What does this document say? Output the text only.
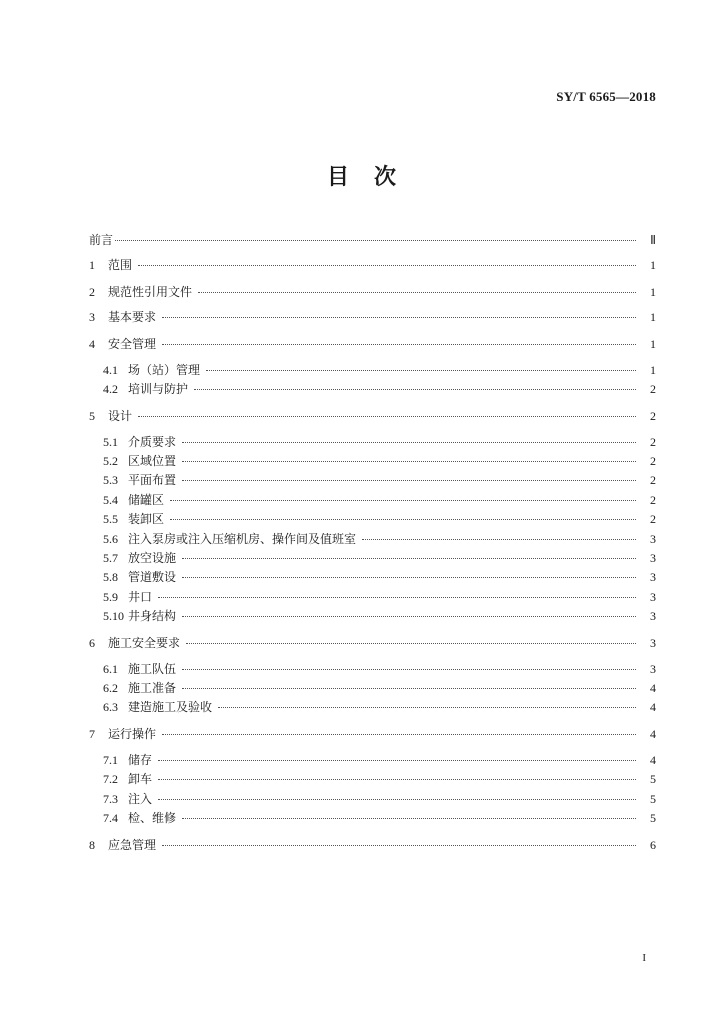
SY/T 6565—2018
目 次
前言	Ⅱ
1	范围	1
2	规范性引用文件	1
3	基本要求	1
4	安全管理	1
4.1 场（站）管理	1
4.2 培训与防护	2
5	设计	2
5.1 介质要求	2
5.2 区域位置	2
5.3 平面布置	2
5.4 储罐区	2
5.5 装卸区	2
5.6 注入泵房或注入压缩机房、操作间及值班室	3
5.7 放空设施	3
5.8 管道敷设	3
5.9 井口	3
5.10 井身结构	3
6	施工安全要求	3
6.1 施工队伍	3
6.2 施工准备	4
6.3 建造施工及验收	4
7	运行操作	4
7.1 储存	4
7.2 卸车	5
7.3 注入	5
7.4 检、维修	5
8	应急管理	6
I
